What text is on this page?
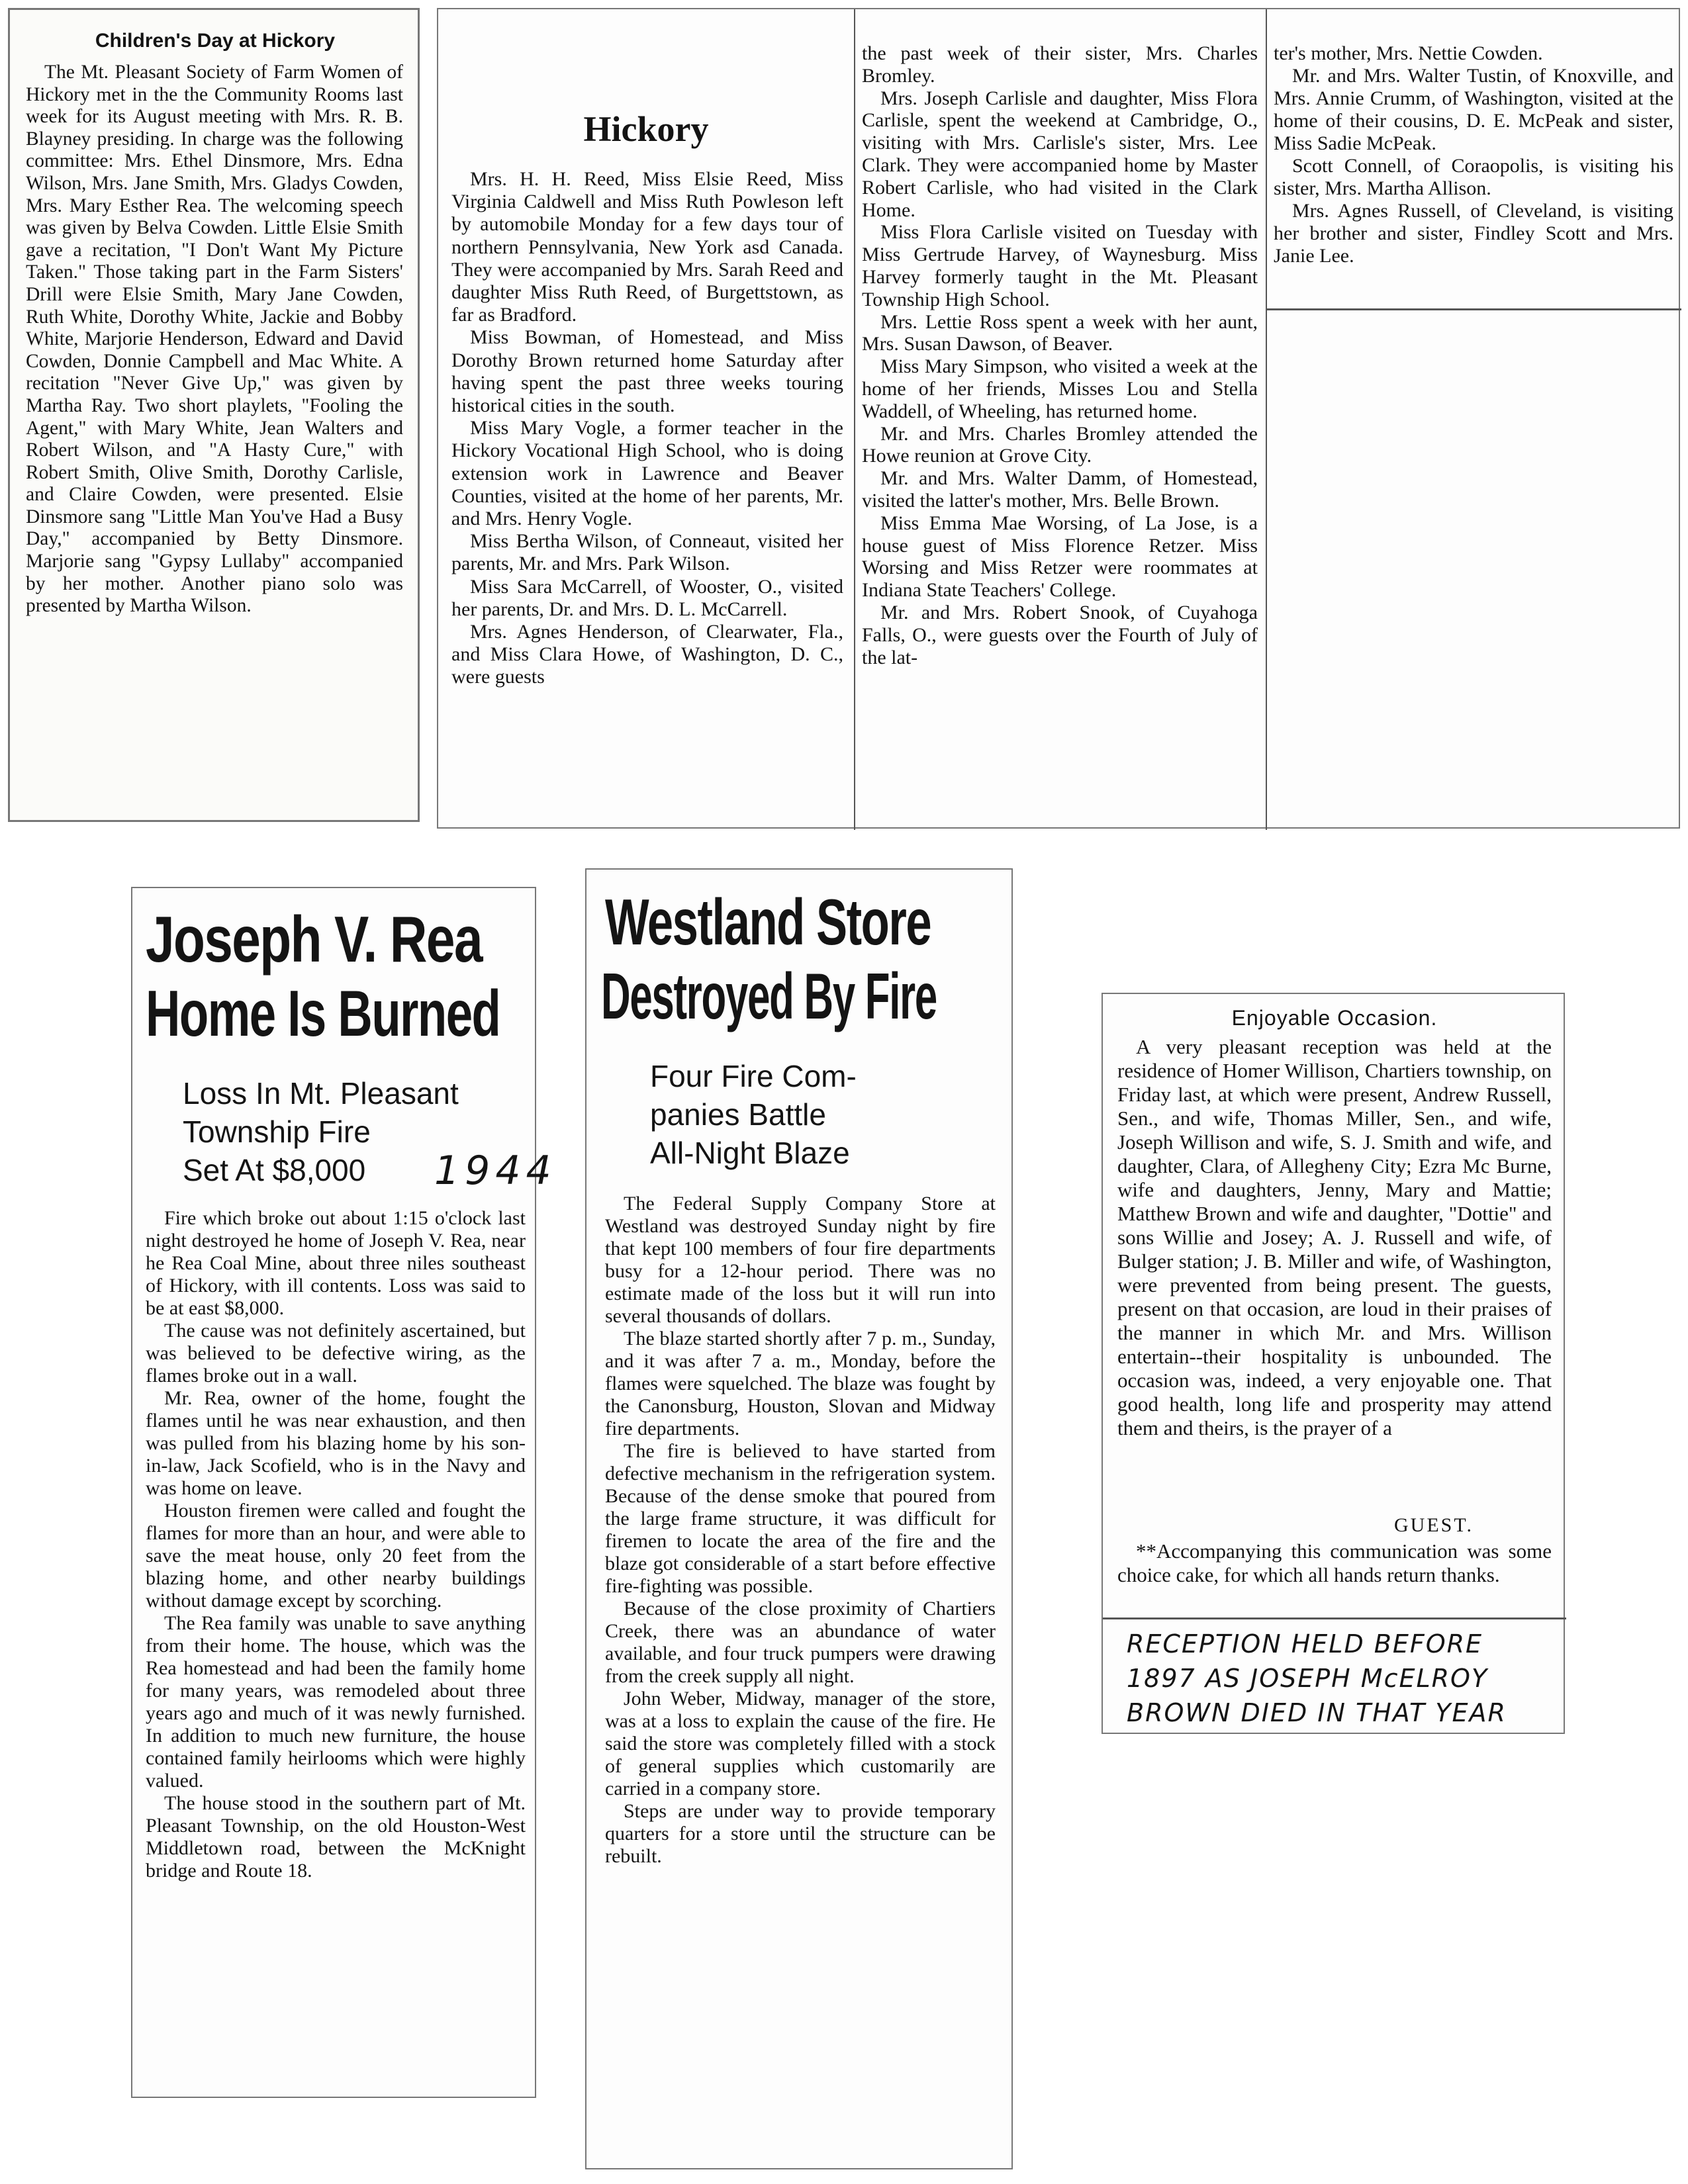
Children's Day at Hickory

The Mt. Pleasant Society of Farm Women of Hickory met in the the Community Rooms last week for its August meeting with Mrs. R. B. Blayney presiding. In charge was the following committee: Mrs. Ethel Dinsmore, Mrs. Edna Wilson, Mrs. Jane Smith, Mrs. Gladys Cowden, Mrs. Mary Esther Rea. The welcoming speech was given by Belva Cowden. Little Elsie Smith gave a recitation, "I Don't Want My Picture Taken." Those taking part in the Farm Sisters' Drill were Elsie Smith, Mary Jane Cowden, Ruth White, Dorothy White, Jackie and Bobby White, Marjorie Henderson, Edward and David Cowden, Donnie Campbell and Mac White. A recitation "Never Give Up," was given by Martha Ray. Two short playlets, "Fooling the Agent," with Mary White, Jean Walters and Robert Wilson, and "A Hasty Cure," with Robert Smith, Olive Smith, Dorothy Carlisle, and Claire Cowden, were presented. Elsie Dinsmore sang "Little Man You've Had a Busy Day," accompanied by Betty Dinsmore. Marjorie sang "Gypsy Lullaby" accompanied by her mother. Another piano solo was presented by Martha Wilson.

Hickory

Mrs. H. H. Reed, Miss Elsie Reed, Miss Virginia Caldwell and Miss Ruth Powleson left by automobile Monday for a few days tour of northern Pennsylvania, New York asd Canada. They were accompanied by Mrs. Sarah Reed and daughter Miss Ruth Reed, of Burgettstown, as far as Bradford.

Miss Bowman, of Homestead, and Miss Dorothy Brown returned home Saturday after having spent the past three weeks touring historical cities in the south.

Miss Mary Vogle, a former teacher in the Hickory Vocational High School, who is doing extension work in Lawrence and Beaver Counties, visited at the home of her parents, Mr. and Mrs. Henry Vogle.

Miss Bertha Wilson, of Conneaut, visited her parents, Mr. and Mrs. Park Wilson.

Miss Sara McCarrell, of Wooster, O., visited her parents, Dr. and Mrs. D. L. McCarrell.

Mrs. Agnes Henderson, of Clearwater, Fla., and Miss Clara Howe, of Washington, D. C., were guests

the past week of their sister, Mrs. Charles Bromley.

Mrs. Joseph Carlisle and daughter, Miss Flora Carlisle, spent the weekend at Cambridge, O., visiting with Mrs. Carlisle's sister, Mrs. Lee Clark. They were accompanied home by Master Robert Carlisle, who had visited in the Clark Home.

Miss Flora Carlisle visited on Tuesday with Miss Gertrude Harvey, of Waynesburg. Miss Harvey formerly taught in the Mt. Pleasant Township High School.

Mrs. Lettie Ross spent a week with her aunt, Mrs. Susan Dawson, of Beaver.

Miss Mary Simpson, who visited a week at the home of her friends, Misses Lou and Stella Waddell, of Wheeling, has returned home.

Mr. and Mrs. Charles Bromley attended the Howe reunion at Grove City.

Mr. and Mrs. Walter Damm, of Homestead, visited the latter's mother, Mrs. Belle Brown.

Miss Emma Mae Worsing, of La Jose, is a house guest of Miss Florence Retzer. Miss Worsing and Miss Retzer were roommates at Indiana State Teachers' College.

Mr. and Mrs. Robert Snook, of Cuyahoga Falls, O., were guests over the Fourth of July of the lat-

ter's mother, Mrs. Nettie Cowden.

Mr. and Mrs. Walter Tustin, of Knoxville, and Mrs. Annie Crumm, of Washington, visited at the home of their cousins, D. E. McPeak and sister, Miss Sadie McPeak.

Scott Connell, of Coraopolis, is visiting his sister, Mrs. Martha Allison.

Mrs. Agnes Russell, of Cleveland, is visiting her brother and sister, Findley Scott and Mrs. Janie Lee.

Joseph V. Rea
Home Is Burned
Loss In Mt. Pleasant
Township Fire
Set At $8,000 1944

Fire which broke out about 1:15 o'clock last night destroyed he home of Joseph V. Rea, near he Rea Coal Mine, about three niles southeast of Hickory, with ill contents. Loss was said to be at east $8,000.

The cause was not definitely ascertained, but was believed to be defective wiring, as the flames broke out in a wall.

Mr. Rea, owner of the home, fought the flames until he was near exhaustion, and then was pulled from his blazing home by his son-in-law, Jack Scofield, who is in the Navy and was home on leave.

Houston firemen were called and fought the flames for more than an hour, and were able to save the meat house, only 20 feet from the blazing home, and other nearby buildings without damage except by scorching.

The Rea family was unable to save anything from their home. The house, which was the Rea homestead and had been the family home for many years, was remodeled about three years ago and much of it was newly furnished. In addition to much new furniture, the house contained family heirlooms which were highly valued.

The house stood in the southern part of Mt. Pleasant Township, on the old Houston-West Middletown road, between the McKnight bridge and Route 18.

Westland Store
Destroyed By Fire
Four Fire Com-
panies Battle
All-Night Blaze

The Federal Supply Company Store at Westland was destroyed Sunday night by fire that kept 100 members of four fire departments busy for a 12-hour period. There was no estimate made of the loss but it will run into several thousands of dollars.

The blaze started shortly after 7 p. m., Sunday, and it was after 7 a. m., Monday, before the flames were squelched. The blaze was fought by the Canonsburg, Houston, Slovan and Midway fire departments.

The fire is believed to have started from defective mechanism in the refrigeration system. Because of the dense smoke that poured from the large frame structure, it was difficult for firemen to locate the area of the fire and the blaze got considerable of a start before effective fire-fighting was possible.

Because of the close proximity of Chartiers Creek, there was an abundance of water available, and four truck pumpers were drawing from the creek supply all night.

John Weber, Midway, manager of the store, was at a loss to explain the cause of the fire. He said the store was completely filled with a stock of general supplies which customarily are carried in a company store.

Steps are under way to provide temporary quarters for a store until the structure can be rebuilt.

Enjoyable Occasion.

A very pleasant reception was held at the residence of Homer Willison, Chartiers township, on Friday last, at which were present, Andrew Russell, Sen., and wife, Thomas Miller, Sen., and wife, Joseph Willison and wife, S. J. Smith and wife, and daughter, Clara, of Allegheny City; Ezra Mc Burne, wife and daughters, Jenny, Mary and Mattie; Matthew Brown and wife and daughter, "Dottie" and sons Willie and Josey; A. J. Russell and wife, of Bulger station; J. B. Miller and wife, of Washington, were prevented from being present. The guests, present on that occasion, are loud in their praises of the manner in which Mr. and Mrs. Willison entertain--their hospitality is unbounded. The occasion was, indeed, a very enjoyable one. That good health, long life and prosperity may attend them and theirs, is the prayer of a

GUEST.

**Accompanying this communication was some choice cake, for which all hands return thanks.

RECEPTION HELD BEFORE
1897 AS JOSEPH McELROY
BROWN DIED IN THAT YEAR
